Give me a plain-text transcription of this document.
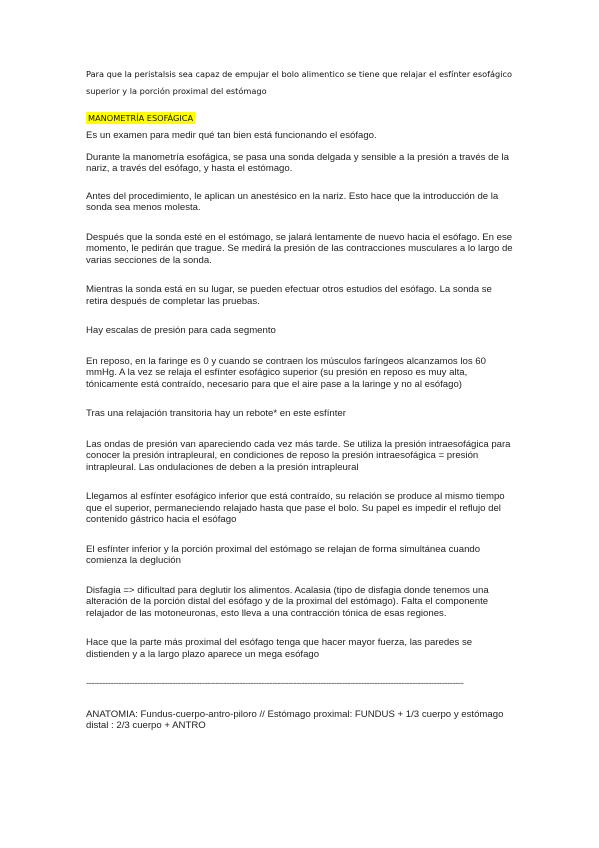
Para que la peristalsis sea capaz de empujar el bolo alimentico se tiene que relajar el esfínter esofágico superior y la porción proximal del estómago

MANOMETRÍA ESOFÁGICA

Es un examen para medir qué tan bien está funcionando el esófago.

Durante la manometría esofágica, se pasa una sonda delgada y sensible a la presión a través de la nariz, a través del esófago, y hasta el estómago.

Antes del procedimiento, le aplican un anestésico en la nariz. Esto hace que la introducción de la sonda sea menos molesta.

Después que la sonda esté en el estómago, se jalará lentamente de nuevo hacia el esófago. En ese momento, le pedirán que trague. Se medirá la presión de las contracciones musculares a lo largo de varias secciones de la sonda.

Mientras la sonda está en su lugar, se pueden efectuar otros estudios del esófago. La sonda se retira después de completar las pruebas.

Hay escalas de presión para cada segmento

En reposo, en la faringe es 0 y cuando se contraen los músculos faríngeos alcanzamos los 60 mmHg. A la vez se relaja el esfínter esofágico superior (su presión en reposo es muy alta, tónicamente está contraído, necesario para que el aire pase a la laringe y no al esófago)

Tras una relajación transitoria hay un rebote* en este esfínter

Las ondas de presión van apareciendo cada vez más tarde. Se utiliza la presión intraesofágica para conocer la presión intrapleural, en condiciones de reposo la presión intraesofágica = presión intrapleural. Las ondulaciones de deben a la presión intrapleural

Llegamos al esfínter esofágico inferior que está contraído, su relación se produce al mismo tiempo que el superior, permaneciendo relajado hasta que pase el bolo. Su papel es impedir el reflujo del contenido gástrico hacia el esófago

El esfínter inferior y la porción proximal del estómago se relajan de forma simultánea cuando comienza la deglución

Disfagia => dificultad para deglutir los alimentos. Acalasia (tipo de disfagia donde tenemos una alteración de la porción distal del esófago y de la proximal del estómago). Falta el componente relajador de las motoneuronas, esto lleva a una contracción tónica de esas regiones.

Hace que la parte más proximal del esófago tenga que hacer mayor fuerza, las paredes se distienden y a la largo plazo aparece un mega esófago

--------------------------------------------------------------------------------------------------------------------------------------------

ANATOMIA: Fundus-cuerpo-antro-piloro // Estómago proximal: FUNDUS + 1/3 cuerpo y estómago distal : 2/3 cuerpo + ANTRO
